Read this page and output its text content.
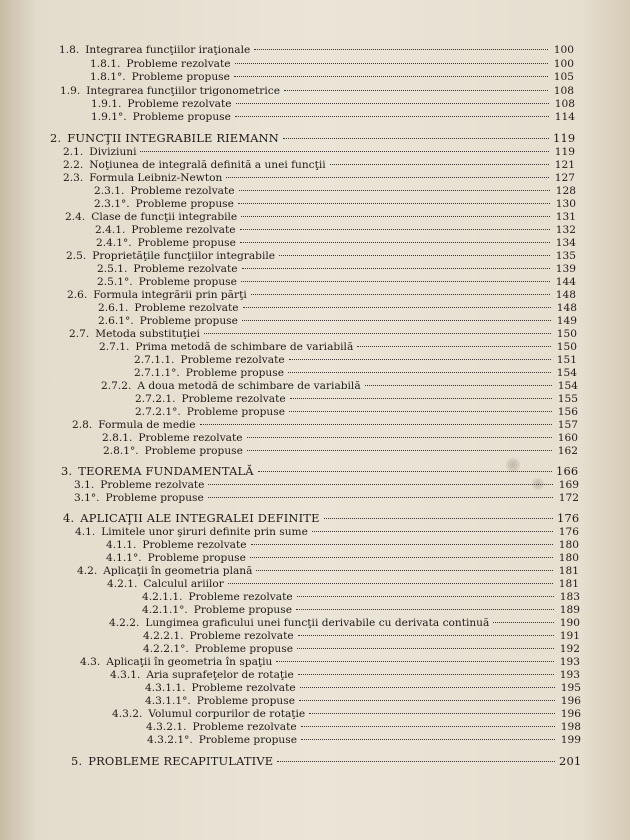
1.8. Integrarea funcţiilor iraţionale	100
1.8.1. Probleme rezolvate	100
1.8.1°. Probleme propuse	105
1.9. Integrarea funcţiilor trigonometrice	108
1.9.1. Probleme rezolvate	108
1.9.1°. Probleme propuse	114
2. FUNCŢII INTEGRABILE RIEMANN	119
2.1. Diviziuni	119
2.2. Noţiunea de integrală definită a unei funcţii	121
2.3. Formula Leibniz-Newton	127
2.3.1. Probleme rezolvate	128
2.3.1°. Probleme propuse	130
2.4. Clase de funcţii integrabile	131
2.4.1. Probleme rezolvate	132
2.4.1°. Probleme propuse	134
2.5. Proprietăţile funcţiilor integrabile	135
2.5.1. Probleme rezolvate	139
2.5.1°. Probleme propuse	144
2.6. Formula integrării prin părţi	148
2.6.1. Probleme rezolvate	148
2.6.1°. Probleme propuse	149
2.7. Metoda substituţiei	150
2.7.1. Prima metodă de schimbare de variabilă	150
2.7.1.1. Probleme rezolvate	151
2.7.1.1°. Probleme propuse	154
2.7.2. A doua metodă de schimbare de variabilă	154
2.7.2.1. Probleme rezolvate	155
2.7.2.1°. Probleme propuse	156
2.8. Formula de medie	157
2.8.1. Probleme rezolvate	160
2.8.1°. Probleme propuse	162
3. TEOREMA FUNDAMENTALĂ	166
3.1. Probleme rezolvate	169
3.1°. Probleme propuse	172
4. APLICAŢII ALE INTEGRALEI DEFINITE	176
4.1. Limitele unor şiruri definite prin sume	176
4.1.1. Probleme rezolvate	180
4.1.1°. Probleme propuse	180
4.2. Aplicaţii în geometria plană	181
4.2.1. Calculul ariilor	181
4.2.1.1. Probleme rezolvate	183
4.2.1.1°. Probleme propuse	189
4.2.2. Lungimea graficului unei funcţii derivabile cu derivata continuă	190
4.2.2.1. Probleme rezolvate	191
4.2.2.1°. Probleme propuse	192
4.3. Aplicaţii în geometria în spaţiu	193
4.3.1. Aria suprafeţelor de rotaţie	193
4.3.1.1. Probleme rezolvate	195
4.3.1.1°. Probleme propuse	196
4.3.2. Volumul corpurilor de rotaţie	196
4.3.2.1. Probleme rezolvate	198
4.3.2.1°. Probleme propuse	199
5. PROBLEME RECAPITULATIVE	201
